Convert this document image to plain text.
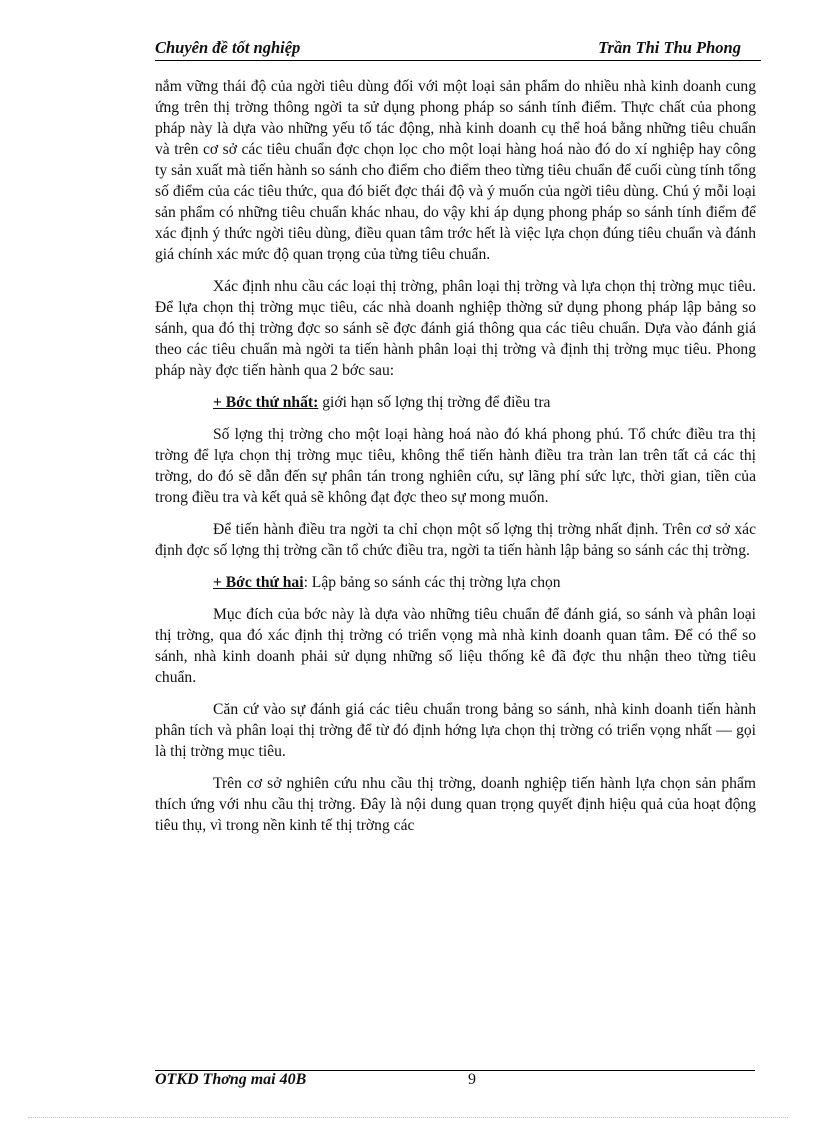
Chuyên đề tốt nghiệp	Trần Thi Thu Phong

nắm vững thái độ của ngời tiêu dùng đối với một loại sản phẩm do nhiều nhà kinh doanh cung ứng trên thị trờng thông ngời ta sử dụng phong pháp so sánh tính điểm. Thực chất của phong pháp này là dựa vào những yếu tố tác động, nhà kinh doanh cụ thể hoá bằng những tiêu chuẩn và trên cơ sở các tiêu chuẩn đợc chọn lọc cho một loại hàng hoá nào đó do xí nghiệp hay công ty sản xuất mà tiến hành so sánh cho điểm cho điểm theo từng tiêu chuẩn để cuối cùng tính tổng số điểm của các tiêu thức, qua đó biết đợc thái độ và ý muốn của ngời tiêu dùng. Chú ý mỗi loại sản phẩm có những tiêu chuẩn khác nhau, do vậy khi áp dụng phong pháp so sánh tính điểm để xác định ý thức ngời tiêu dùng, điều quan tâm trớc hết là việc lựa chọn đúng tiêu chuẩn và đánh giá chính xác mức độ quan trọng của từng tiêu chuẩn.

Xác định nhu cầu các loại thị trờng, phân loại thị trờng và lựa chọn thị trờng mục tiêu. Để lựa chọn thị trờng mục tiêu, các nhà doanh nghiệp thờng sử dụng phong pháp lập bảng so sánh, qua đó thị trờng đợc so sánh sẽ đợc đánh giá thông qua các tiêu chuẩn. Dựa vào đánh giá theo các tiêu chuẩn mà ngời ta tiến hành phân loại thị trờng và định thị trờng mục tiêu. Phong pháp này đợc tiến hành qua 2 bớc sau:

+ Bớc thứ nhất: giới hạn số lợng thị trờng để điều tra

Số lợng thị trờng cho một loại hàng hoá nào đó khá phong phú. Tổ chức điều tra thị trờng để lựa chọn thị trờng mục tiêu, không thể tiến hành điều tra tràn lan trên tất cả các thị trờng, do đó sẽ dẫn đến sự phân tán trong nghiên cứu, sự lãng phí sức lực, thời gian, tiền của trong điều tra và kết quả sẽ không đạt đợc theo sự mong muốn.

Để tiến hành điều tra ngời ta chỉ chọn một số lợng thị trờng nhất định. Trên cơ sở xác định đợc số lợng thị trờng cần tổ chức điều tra, ngời ta tiến hành lập bảng so sánh các thị trờng.

+ Bớc thứ hai: Lập bảng so sánh các thị trờng lựa chọn

Mục đích của bớc này là dựa vào những tiêu chuẩn để đánh giá, so sánh và phân loại thị trờng, qua đó xác định thị trờng có triển vọng mà nhà kinh doanh quan tâm. Để có thể so sánh, nhà kinh doanh phải sử dụng những số liệu thống kê đã đợc thu nhận theo từng tiêu chuẩn.

Căn cứ vào sự đánh giá các tiêu chuẩn trong bảng so sánh, nhà kinh doanh tiến hành phân tích và phân loại thị trờng để từ đó định hớng lựa chọn thị trờng có triển vọng nhất — gọi là thị trờng mục tiêu.

Trên cơ sở nghiên cứu nhu cầu thị trờng, doanh nghiệp tiến hành lựa chọn sản phẩm thích ứng với nhu cầu thị trờng. Đây là nội dung quan trọng quyết định hiệu quả của hoạt động tiêu thụ, vì trong nền kinh tế thị trờng các

OTKD Thơng mai 40B	9
